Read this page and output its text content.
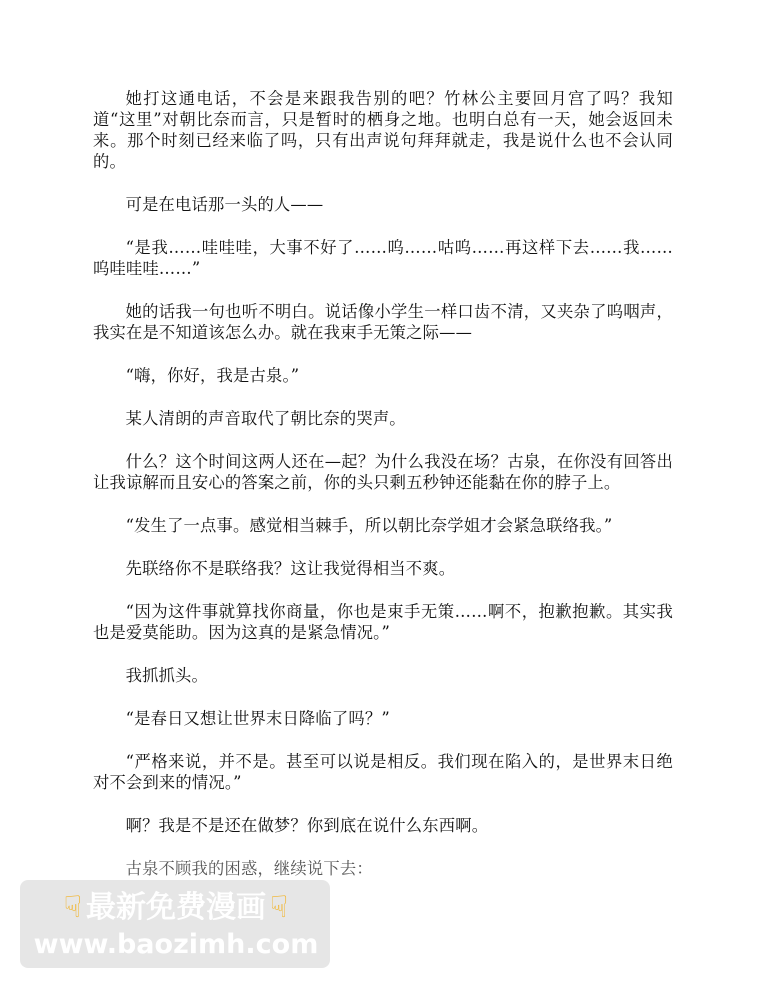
她打这通电话，不会是来跟我告别的吧？竹林公主要回月宫了吗？我知道“这里”对朝比奈而言，只是暂时的栖身之地。也明白总有一天，她会返回未来。那个时刻已经来临了吗，只有出声说句拜拜就走，我是说什么也不会认同的。

可是在电话那一头的人——

“是我……哇哇哇，大事不好了……呜……咕呜……再这样下去……我……呜哇哇哇……”

她的话我一句也听不明白。说话像小学生一样口齿不清，又夹杂了呜咽声，我实在是不知道该怎么办。就在我束手无策之际——

“嗨，你好，我是古泉。”

某人清朗的声音取代了朝比奈的哭声。

什么？这个时间这两人还在—起？为什么我没在场？古泉，在你没有回答出让我谅解而且安心的答案之前，你的头只剩五秒钟还能黏在你的脖子上。

“发生了一点事。感觉相当棘手，所以朝比奈学姐才会紧急联络我。”

先联络你不是联络我？这让我觉得相当不爽。

“因为这件事就算找你商量，你也是束手无策……啊不，抱歉抱歉。其实我也是爱莫能助。因为这真的是紧急情况。”

我抓抓头。

“是春日又想让世界末日降临了吗？”

“严格来说，并不是。甚至可以说是相反。我们现在陷入的，是世界末日绝对不会到来的情况。”

啊？我是不是还在做梦？你到底在说什么东西啊。

古泉不顾我的困惑，继续说下去：

☟ 最新免费漫画 ☟
www.baozimh.com
